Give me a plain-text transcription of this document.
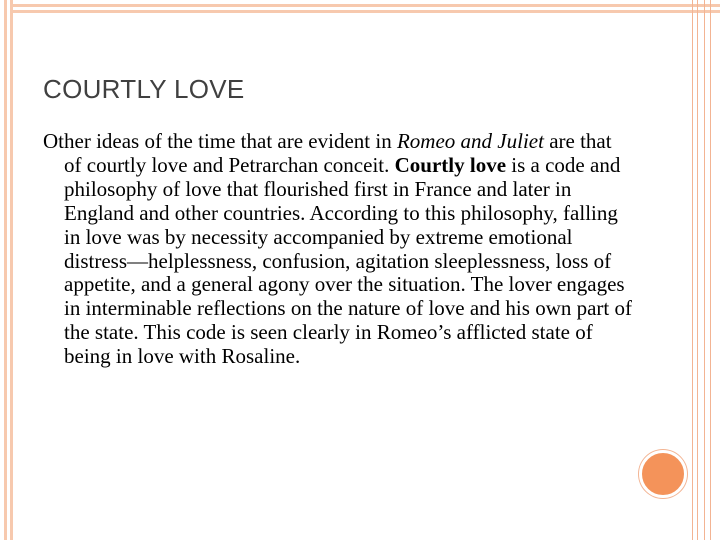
COURTLY LOVE

Other ideas of the time that are evident in Romeo and Juliet are that of courtly love and Petrarchan conceit. Courtly love is a code and philosophy of love that flourished first in France and later in England and other countries. According to this philosophy, falling in love was by necessity accompanied by extreme emotional distress—helplessness, confusion, agitation sleeplessness, loss of appetite, and a general agony over the situation. The lover engages in interminable reflections on the nature of love and his own part of the state. This code is seen clearly in Romeo’s afflicted state of being in love with Rosaline.
